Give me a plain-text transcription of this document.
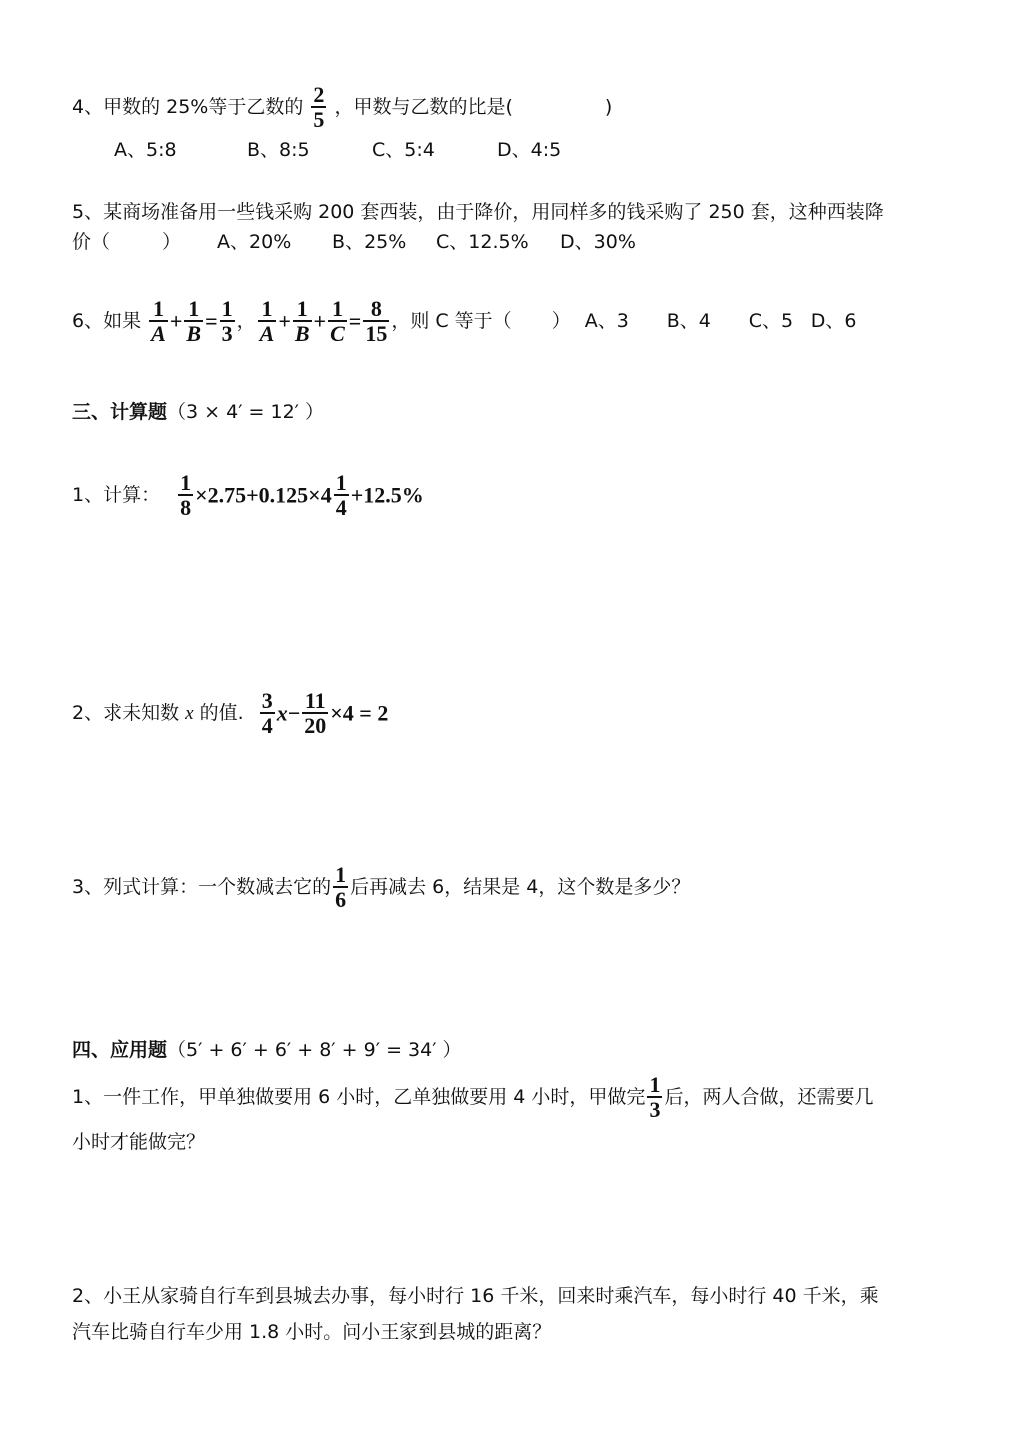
4、甲数的 25%等于乙数的 $\frac{2}{5}$ ，甲数与乙数的比是(	)
A、5:8	B、8:5	C、5:4	D、4:5
5、某商场准备用一些钱采购 200 套西装，由于降价，用同样多的钱采购了 250 套，这种西装降
价（	） A、20% B、25% C、12.5% D、30%
6、如果 $\frac{1}{A} + \frac{1}{B} = \frac{1}{3}$ ， $\frac{1}{A} + \frac{1}{B} + \frac{1}{C} = \frac{8}{15}$ ，则 C 等于（ ） A、3 B、4 C、5 D、6
三、计算题（3 × 4′ = 12′ ）
1、计算： $\frac{1}{8} \times 2.75+0.125\times 4 \frac{1}{4} +12.5\%$
2、求未知数 x 的值. $\frac{3}{4} x- \frac{11}{20} \times 4 = 2$
3、列式计算：一个数减去它的 $\frac{1}{6}$ 后再减去 6，结果是 4，这个数是多少？
四、应用题（5′ + 6′ + 6′ + 8′ + 9′ = 34′ ）
1、一件工作，甲单独做要用 6 小时，乙单独做要用 4 小时，甲做完 $\frac{1}{3}$ 后，两人合做，还需要几
小时才能做完？
2、小王从家骑自行车到县城去办事，每小时行 16 千米，回来时乘汽车，每小时行 40 千米，乘
汽车比骑自行车少用 1.8 小时。问小王家到县城的距离？
